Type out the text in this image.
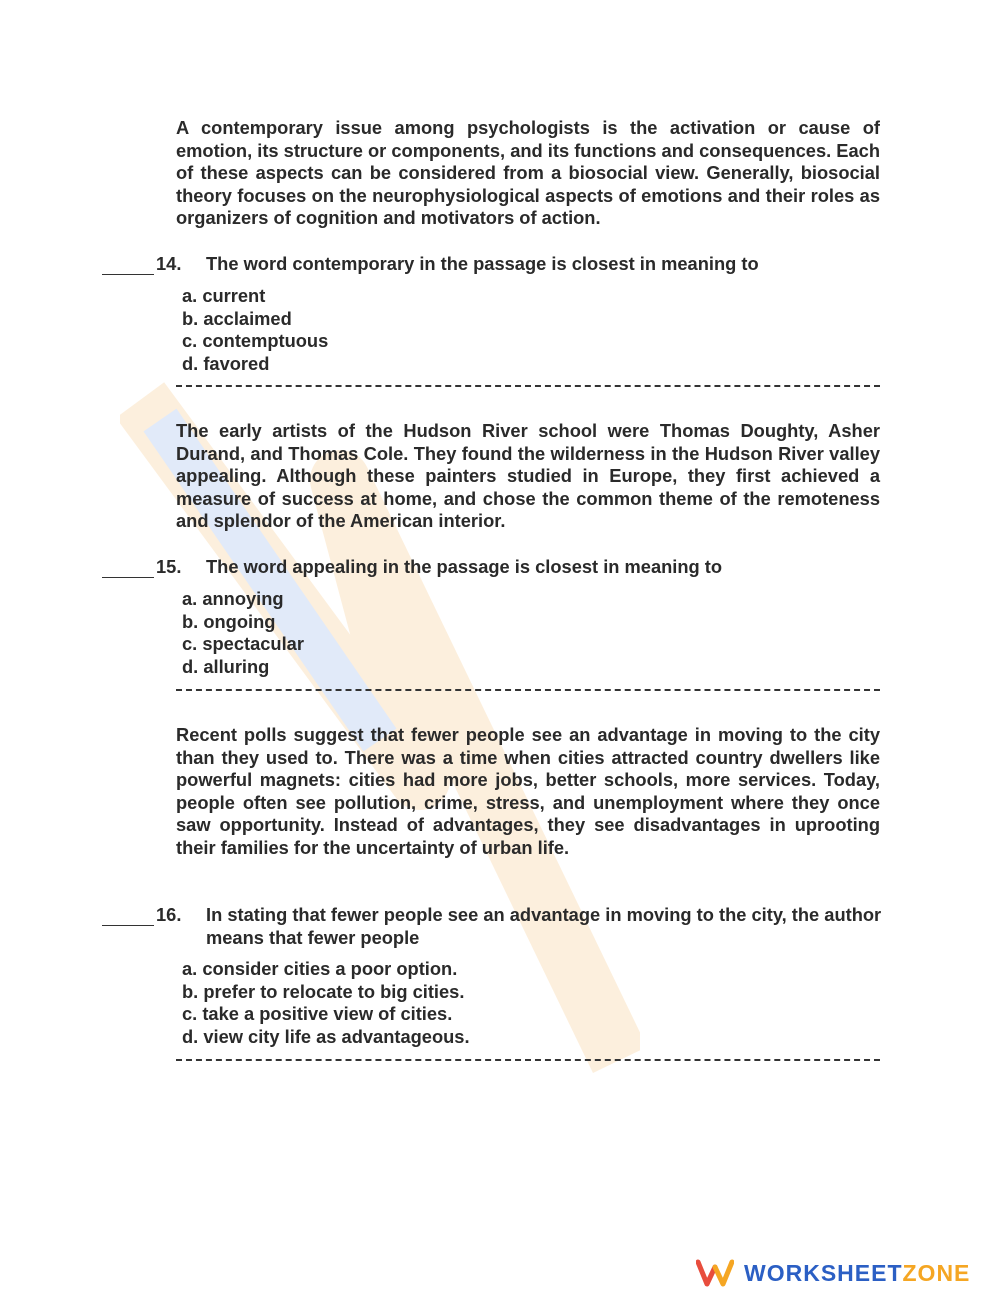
A contemporary issue among psychologists is the activation or cause of emotion, its structure or components, and its functions and consequences. Each of these aspects can be considered from a biosocial view. Generally, biosocial theory focuses on the neurophysiological aspects of emotions and their roles as organizers of cognition and motivators of action.
14. The word contemporary in the passage is closest in meaning to
a. current
b. acclaimed
c. contemptuous
d. favored
The early artists of the Hudson River school were Thomas Doughty, Asher Durand, and Thomas Cole. They found the wilderness in the Hudson River valley appealing. Although these painters studied in Europe, they first achieved a measure of success at home, and chose the common theme of the remoteness and splendor of the American interior.
15. The word appealing in the passage is closest in meaning to
a. annoying
b. ongoing
c. spectacular
d. alluring
Recent polls suggest that fewer people see an advantage in moving to the city than they used to. There was a time when cities attracted country dwellers like powerful magnets: cities had more jobs, better schools, more services. Today, people often see pollution, crime, stress, and unemployment where they once saw opportunity. Instead of advantages, they see disadvantages in uprooting their families for the uncertainty of urban life.
16. In stating that fewer people see an advantage in moving to the city, the author means that fewer people
a. consider cities a poor option.
b. prefer to relocate to big cities.
c. take a positive view of cities.
d. view city life as advantageous.
WORKSHEETZONE
